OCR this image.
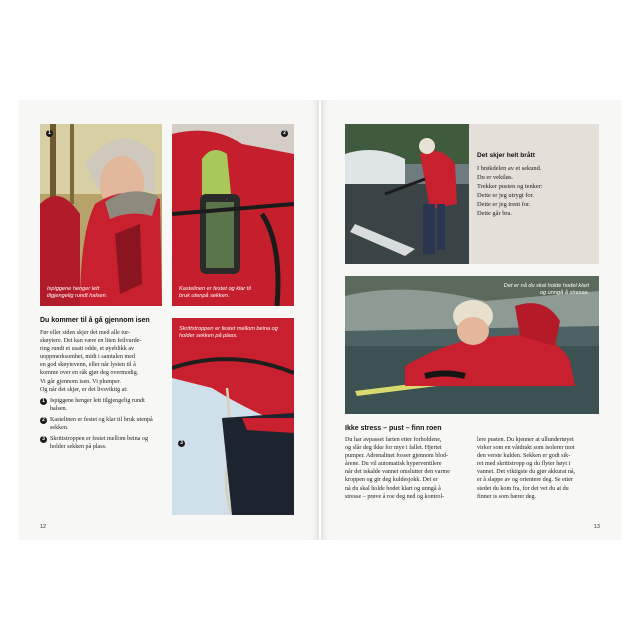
1
Ispiggene henger lett tilgjengelig rundt halsen.
2
Kastelinen er festet og klar til bruk utenpå sekken.
3
Skrittstroppen er festet mellom beina og holder sekken på plass.
Du kommer til å gå gjennom isen

Før eller siden skjer det med alle tur-

skøytere. Det kan være en liten feilvurde-

ring rundt et usatt odde, et øyeblikk av

uoppmerksomhet, midt i samtalen med

en god skøytevenn, eller når lysten til å

komme over en råk gjør deg overmodig.

Vi går gjennom isen. Vi plumper.

Og når det skjer, er det livsviktig at:

1 Ispiggene henger lett tilgjengelig rundt halsen.
2 Kastelinen er festet og klar til bruk utenpå sekken.
3 Skrittstroppen er festet mellom beina og holder sekken på plass.
12
Det skjer helt brått
I brøkdelen av et sekund.
Du er vektløs.
Trekker pusten og tenker:
Dette er jeg utrygt for.
Dette er jeg trent for.
Dette går bra.
Det er nå du skal holde hodet klart og unngå å stresse.
Ikke stress – pust – finn roen

Du har avpasset farten etter forholdene,

og slår deg ikke for mye i fallet. Hjertet

pumper. Adrenalinet fosser gjennom blod-

årene. Du vil automatisk hyperventilere

når det iskalde vannet omslutter den varme

kroppen og gir deg kuldesjokk. Det er

nå du skal holde hodet klart og unngå å

stresse – prøve å roe deg ned og kontrol-

lere pusten. Du kjenner at ullundertøyet

virker som en våtdrakt som isolerer mot

den verste kulden. Sekken er godt sik-

ret med skrittstropp og du flyter høyt i

vannet. Det viktigste du gjør akkurat nå,

er å slappe av og orientere deg. Se etter

stedet du kom fra, for det vet du at du

finner is som bærer deg.

13
